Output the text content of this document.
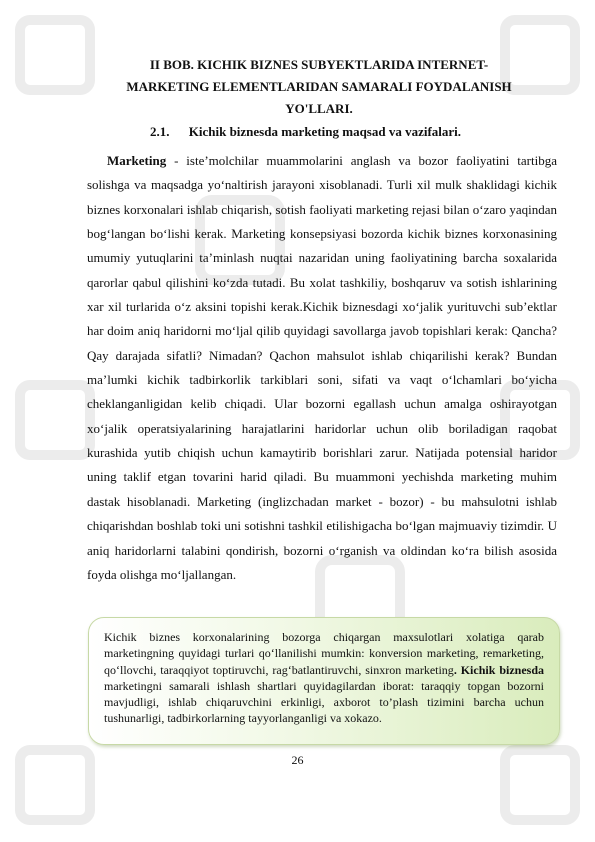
II BOB. KICHIK BIZNES SUBYEKTLARIDA INTERNET-
MARKETING ELEMENTLARIDAN SAMARALI FOYDALANISH
YO'LLARI.
2.1. Kichik biznesda marketing maqsad va vazifalari.

Marketing - iste’molchilar muammolarini anglash va bozor faoliyatini tartibga solishga va maqsadga yo‘naltirish jarayoni xisoblanadi. Turli xil mulk shaklidagi kichik biznes korxonalari ishlab chiqarish, sotish faoliyati marketing rejasi bilan o‘zaro yaqindan bog‘langan bo‘lishi kerak. Marketing konsepsiyasi bozorda kichik biznes korxonasining umumiy yutuqlarini ta’minlash nuqtai nazaridan uning faoliyatining barcha soxalarida qarorlar qabul qilishini ko‘zda tutadi. Bu xolat tashkiliy, boshqaruv va sotish ishlarining xar xil turlarida o‘z aksini topishi kerak.Kichik biznesdagi xo‘jalik yurituvchi sub’ektlar har doim aniq haridorni mo‘ljal qilib quyidagi savollarga javob topishlari kerak: Qancha? Qay darajada sifatli? Nimadan? Qachon mahsulot ishlab chiqarilishi kerak? Bundan ma’lumki kichik tadbirkorlik tarkiblari soni, sifati va vaqt o‘lchamlari bo‘yicha cheklanganligidan kelib chiqadi. Ular bozorni egallash uchun amalga oshirayotgan xo‘jalik operatsiyalarining harajatlarini haridorlar uchun olib boriladigan raqobat kurashida yutib chiqish uchun kamaytirib borishlari zarur. Natijada potensial haridor uning taklif etgan tovarini harid qiladi. Bu muammoni yechishda marketing muhim dastak hisoblanadi. Marketing (inglizchadan market - bozor) - bu mahsulotni ishlab chiqarishdan boshlab toki uni sotishni tashkil etilishigacha bo‘lgan majmuaviy tizimdir. U aniq haridorlarni talabini qondirish, bozorni o‘rganish va oldindan ko‘ra bilish asosida foyda olishga mo‘ljallangan.

Kichik biznes korxonalarining bozorga chiqargan maxsulotlari xolatiga qarab marketingning quyidagi turlari qo‘llanilishi mumkin: konversion marketing, remarketing, qo‘llovchi, taraqqiyot toptiruvchi, rag‘batlantiruvchi, sinxron marketing. Kichik biznesda marketingni samarali ishlash shartlari quyidagilardan iborat: taraqqiy topgan bozorni mavjudligi, ishlab chiqaruvchini erkinligi, axborot to’plash tizimini barcha uchun tushunarligi, tadbirkorlarning tayyorlanganligi va xokazo.

26
